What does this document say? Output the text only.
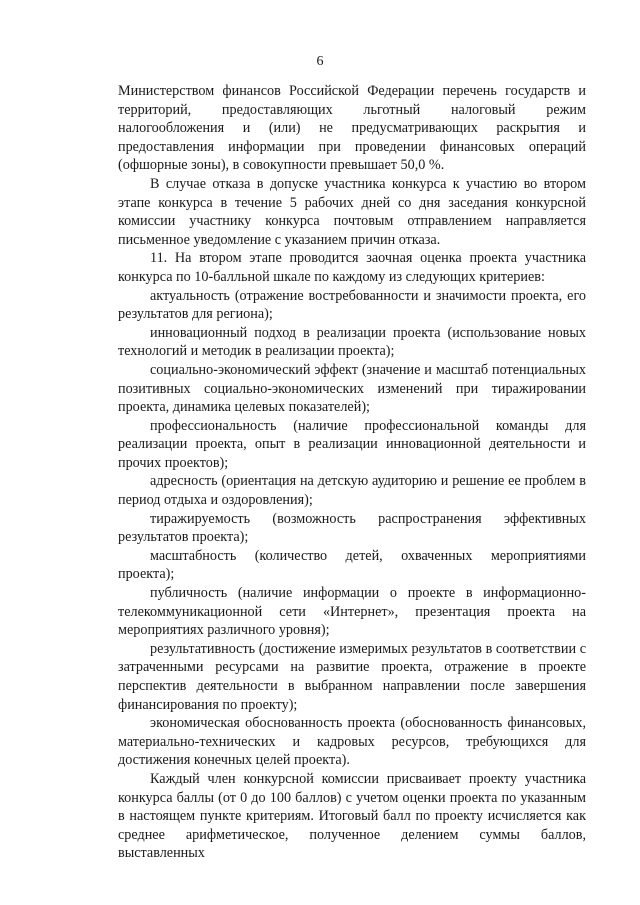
6

Министерством финансов Российской Федерации перечень государств и территорий, предоставляющих льготный налоговый режим налогообложения и (или) не предусматривающих раскрытия и предоставления информации при проведении финансовых операций (офшорные зоны), в совокупности превышает 50,0 %.

В случае отказа в допуске участника конкурса к участию во втором этапе конкурса в течение 5 рабочих дней со дня заседания конкурсной комиссии участнику конкурса почтовым отправлением направляется письменное уведомление с указанием причин отказа.

11. На втором этапе проводится заочная оценка проекта участника конкурса по 10-балльной шкале по каждому из следующих критериев:

актуальность (отражение востребованности и значимости проекта, его результатов для региона);

инновационный подход в реализации проекта (использование новых технологий и методик в реализации проекта);

социально-экономический эффект (значение и масштаб потенциальных позитивных социально-экономических изменений при тиражировании проекта, динамика целевых показателей);

профессиональность (наличие профессиональной команды для реализации проекта, опыт в реализации инновационной деятельности и прочих проектов);

адресность (ориентация на детскую аудиторию и решение ее проблем в период отдыха и оздоровления);

тиражируемость (возможность распространения эффективных результатов проекта);

масштабность (количество детей, охваченных мероприятиями проекта);

публичность (наличие информации о проекте в информационно-телекоммуникационной сети «Интернет», презентация проекта на мероприятиях различного уровня);

результативность (достижение измеримых результатов в соответствии с затраченными ресурсами на развитие проекта, отражение в проекте перспектив деятельности в выбранном направлении после завершения финансирования по проекту);

экономическая обоснованность проекта (обоснованность финансовых, материально-технических и кадровых ресурсов, требующихся для достижения конечных целей проекта).

Каждый член конкурсной комиссии присваивает проекту участника конкурса баллы (от 0 до 100 баллов) с учетом оценки проекта по указанным в настоящем пункте критериям. Итоговый балл по проекту исчисляется как среднее арифметическое, полученное делением суммы баллов, выставленных
